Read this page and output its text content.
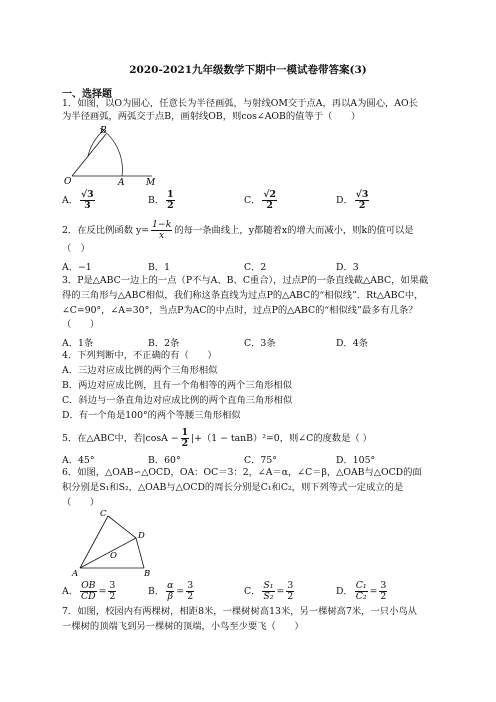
2020-2021九年级数学下期中一模试卷带答案(3)
一、选择题
1．如图，以O为圆心，任意长为半径画弧，与射线OM交于点A，再以A为圆心，AO长
为半径画弧，两弧交于点B，画射线OB，则cos∠AOB的值等于（　　）
B
O	A M
A． $\frac{√3}{3}$	B． $\frac{1}{2}$	C． $\frac{√2}{2}$	D． $\frac{√3}{2}$
2．在反比例函数 $y= \frac{1-k}{x}$ 的每一条曲线上，y都随着x的增大而减小，则k的值可以是
（　）
A．−1	B．1	C．2	D．3
3．P是△ABC一边上的一点（P不与A、B、C重合），过点P的一条直线截△ABC，如果截
得的三角形与△ABC相似，我们称这条直线为过点P的△ABC的“相似线”．Rt△ABC中，
∠C=90°，∠A=30°，当点P为AC的中点时，过点P的△ABC的“相似线”最多有几条？
（　　）
A．1条	B．2条	C．3条	D．4条
4．下列判断中，不正确的有（　　）
A．三边对应成比例的两个三角形相似
B．两边对应成比例，且有一个角相等的两个三角形相似
C．斜边与一条直角边对应成比例的两个直角三角形相似
D．有一个角是100°的两个等腰三角形相似
5．在△ABC中，若$|\cos A - \frac{1}{2} |+(1 - \tan B)^2=0$，则∠C的度数是（ ）
A．45°	B．60°	C．75°	D．105°
6．如图，△OAB∽△OCD，OA：OC＝3：2，∠A＝α，∠C＝β，△OAB与△OCD的面
积分别是S₁和S₂，△OAB与△OCD的周长分别是C₁和C₂，则下列等式一定成立的是
（　　）
C
D
O
A	B
A． $\frac{OB}{CD} = \frac{3}{2}$	B． $\frac{\alpha}{\beta} = \frac{3}{2}$	C． $\frac{\text{S₁}}{\text{S₂}} = \frac{3}{2}$	D． $\frac{\text{C₁}}{\text{C₂}} = \frac{3}{2}$
7．如图，校园内有两棵树，相距8米，一棵树树高13米，另一棵树高7米，一只小鸟从
一棵树的顶端飞到另一棵树的顶端，小鸟至少要飞（　　）
